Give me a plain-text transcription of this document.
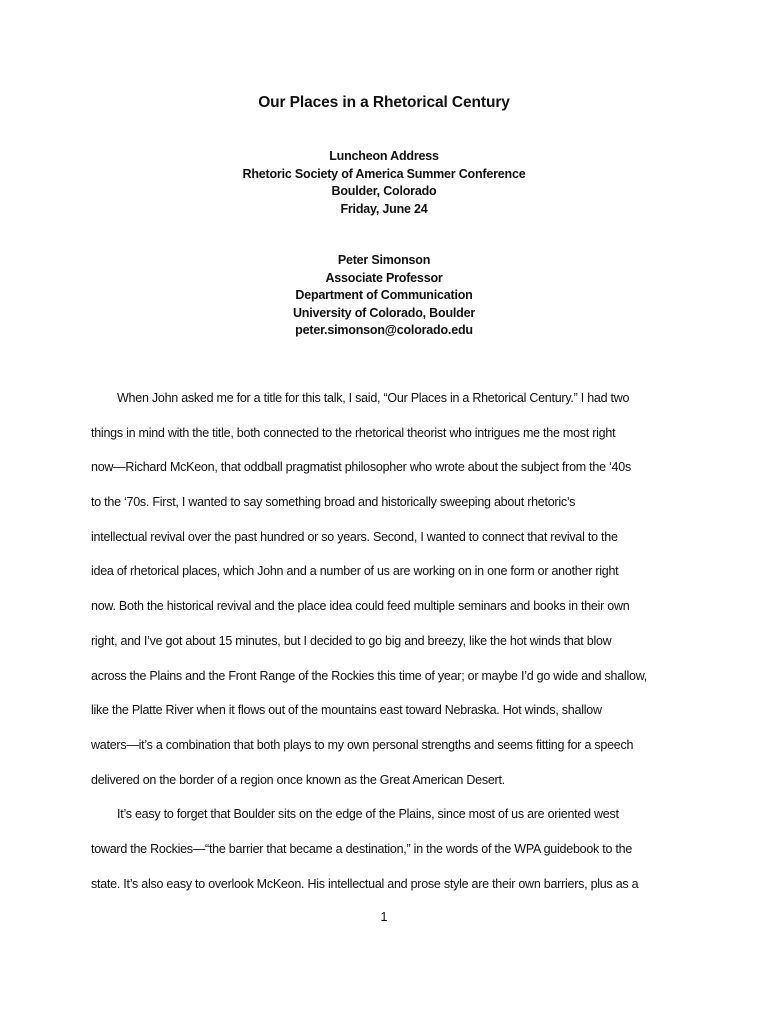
Our Places in a Rhetorical Century
Luncheon Address
Rhetoric Society of America Summer Conference
Boulder, Colorado
Friday, June 24
Peter Simonson
Associate Professor
Department of Communication
University of Colorado, Boulder
peter.simonson@colorado.edu
When John asked me for a title for this talk, I said, “Our Places in a Rhetorical Century.” I had two
things in mind with the title, both connected to the rhetorical theorist who intrigues me the most right
now—Richard McKeon, that oddball pragmatist philosopher who wrote about the subject from the ‘40s
to the ‘70s. First, I wanted to say something broad and historically sweeping about rhetoric’s
intellectual revival over the past hundred or so years. Second, I wanted to connect that revival to the
idea of rhetorical places, which John and a number of us are working on in one form or another right
now. Both the historical revival and the place idea could feed multiple seminars and books in their own
right, and I’ve got about 15 minutes, but I decided to go big and breezy, like the hot winds that blow
across the Plains and the Front Range of the Rockies this time of year; or maybe I’d go wide and shallow,
like the Platte River when it flows out of the mountains east toward Nebraska. Hot winds, shallow
waters—it’s a combination that both plays to my own personal strengths and seems fitting for a speech
delivered on the border of a region once known as the Great American Desert.
It’s easy to forget that Boulder sits on the edge of the Plains, since most of us are oriented west
toward the Rockies—“the barrier that became a destination,” in the words of the WPA guidebook to the
state. It’s also easy to overlook McKeon. His intellectual and prose style are their own barriers, plus as a
1
